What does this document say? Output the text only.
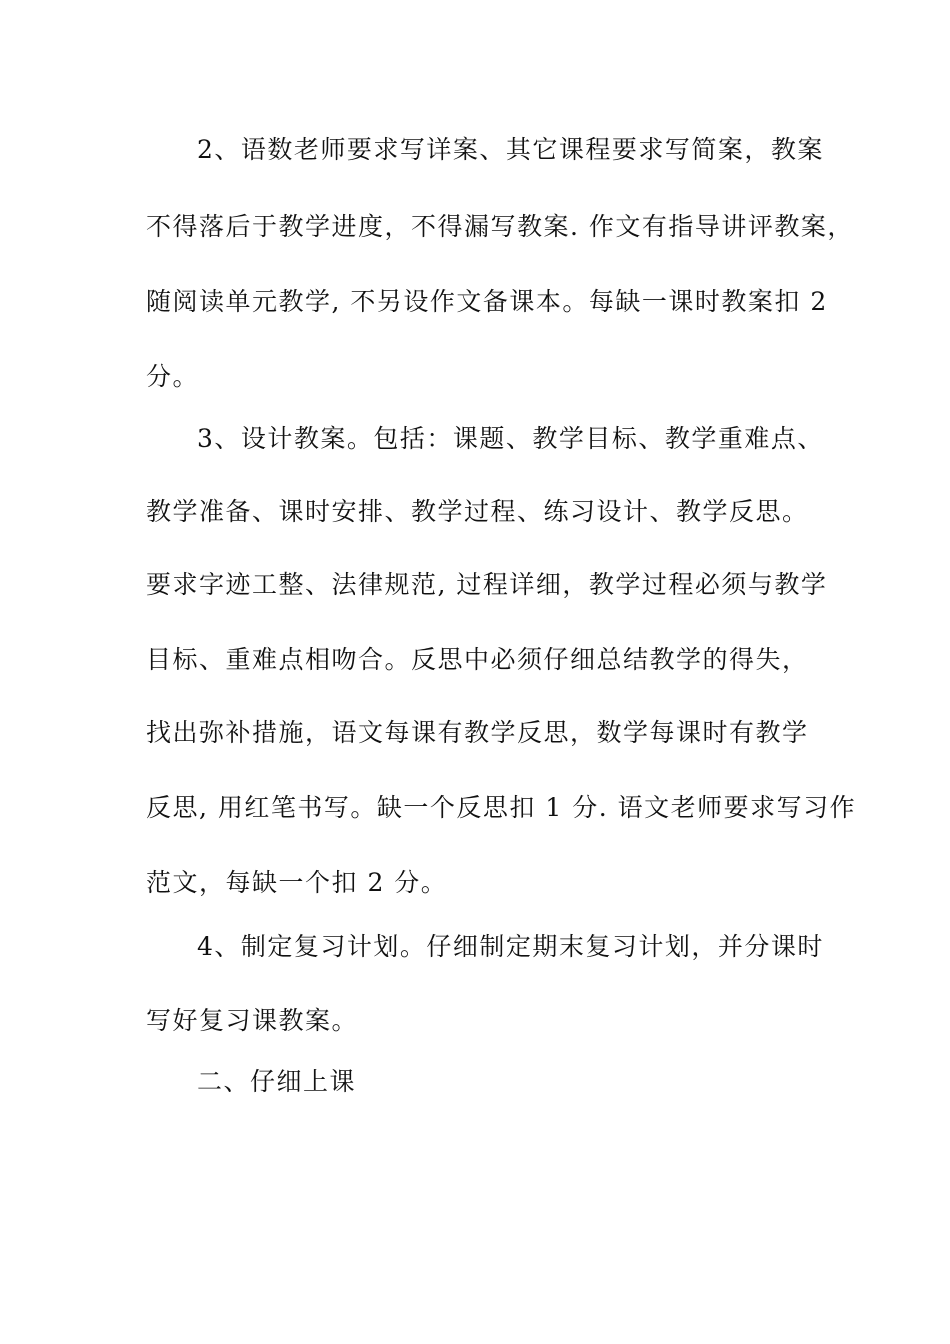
2、语数老师要求写详案、其它课程要求写简案，教案
不得落后于教学进度，不得漏写教案. 作文有指导讲评教案，
随阅读单元教学, 不另设作文备课本。每缺一课时教案扣 2
分。
3、设计教案。包括：课题、教学目标、教学重难点、
教学准备、课时安排、教学过程、练习设计、教学反思。
要求字迹工整、法律规范, 过程详细，教学过程必须与教学
目标、重难点相吻合。反思中必须仔细总结教学的得失，
找出弥补措施，语文每课有教学反思，数学每课时有教学
反思, 用红笔书写。缺一个反思扣 1 分. 语文老师要求写习作
范文，每缺一个扣 2 分。
4、制定复习计划。仔细制定期末复习计划，并分课时
写好复习课教案。
二、仔细上课
